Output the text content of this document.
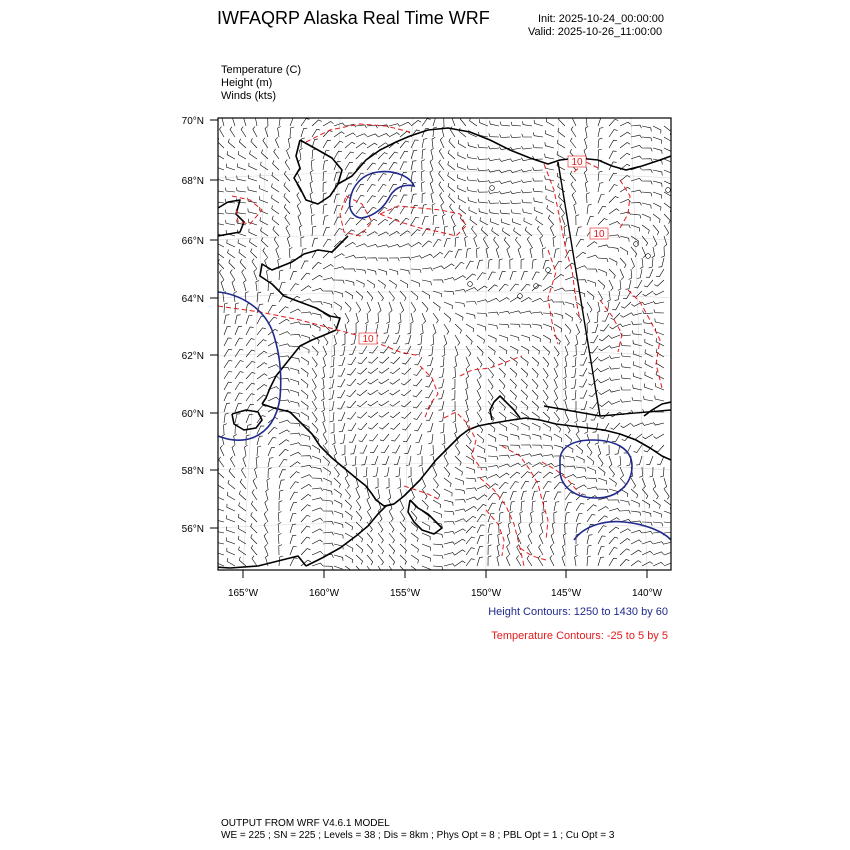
IWFAQRP Alaska Real Time WRF	Init: 2025-10-24_00:00:00
Valid: 2025-10-26_11:00:00
Temperature (C)
Height (m)
Winds (kts)
10
10
10
70°N
68°N
66°N
64°N
62°N
60°N
58°N
56°N
165°W	160°W	155°W	150°W	145°W	140°W
Height Contours: 1250 to 1430 by 60
Temperature Contours: -25 to 5 by 5
OUTPUT FROM WRF V4.6.1 MODEL
WE = 225 ; SN = 225 ; Levels = 38 ; Dis = 8km ; Phys Opt = 8 ; PBL Opt = 1 ; Cu Opt = 3
